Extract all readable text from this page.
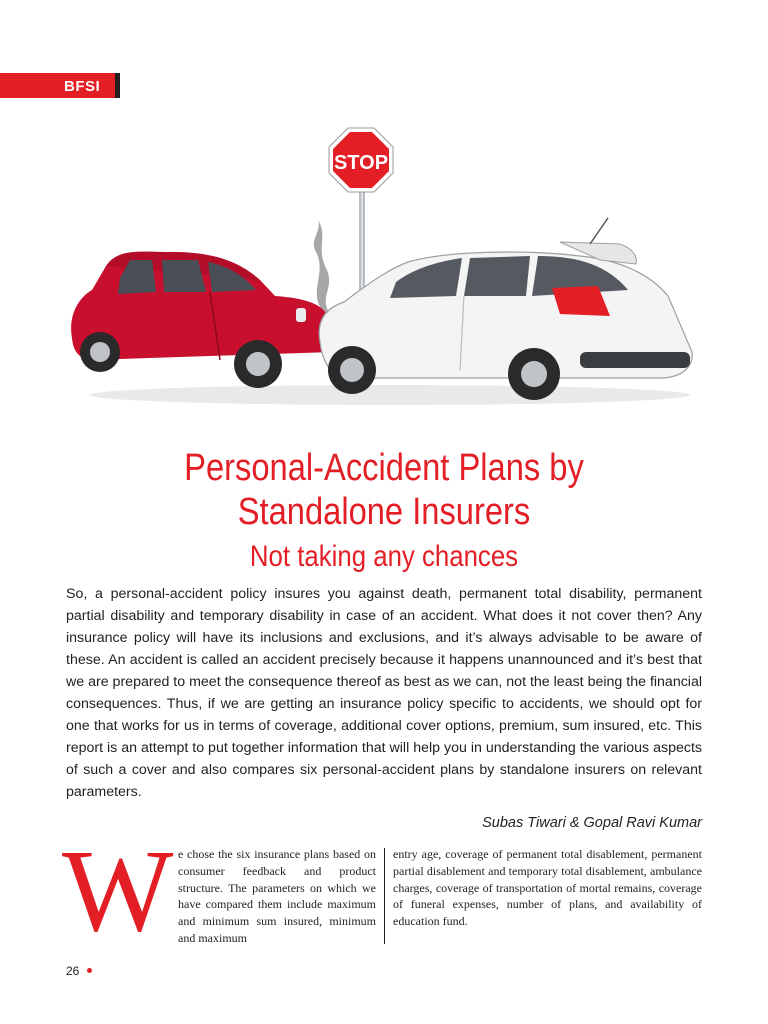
BFSI
STOP
Personal-Accident Plans by
Standalone Insurers
Not taking any chances

So, a personal-accident policy insures you against death, permanent total disability, permanent partial disability and temporary disability in case of an accident. What does it not cover then? Any insurance policy will have its inclusions and exclusions, and it’s always advisable to be aware of these. An accident is called an accident precisely because it happens unannounced and it’s best that we are prepared to meet the consequence thereof as best as we can, not the least being the financial consequences. Thus, if we are getting an insurance policy specific to accidents, we should opt for one that works for us in terms of coverage, additional cover options, premium, sum insured, etc. This report is an attempt to put together information that will help you in understanding the various aspects of such a cover and also compares six personal-accident plans by standalone insurers on relevant parameters.

Subas Tiwari & Gopal Ravi Kumar
W e chose the six insurance plans based on consumer feedback and product structure. The parameters on which we have compared them include maximum and minimum sum insured, minimum and maximum
entry age, coverage of permanent total disablement, permanent partial disablement and temporary total disablement, ambulance charges, coverage of transportation of mortal remains, coverage of funeral expenses, number of plans, and availability of education fund.
26
